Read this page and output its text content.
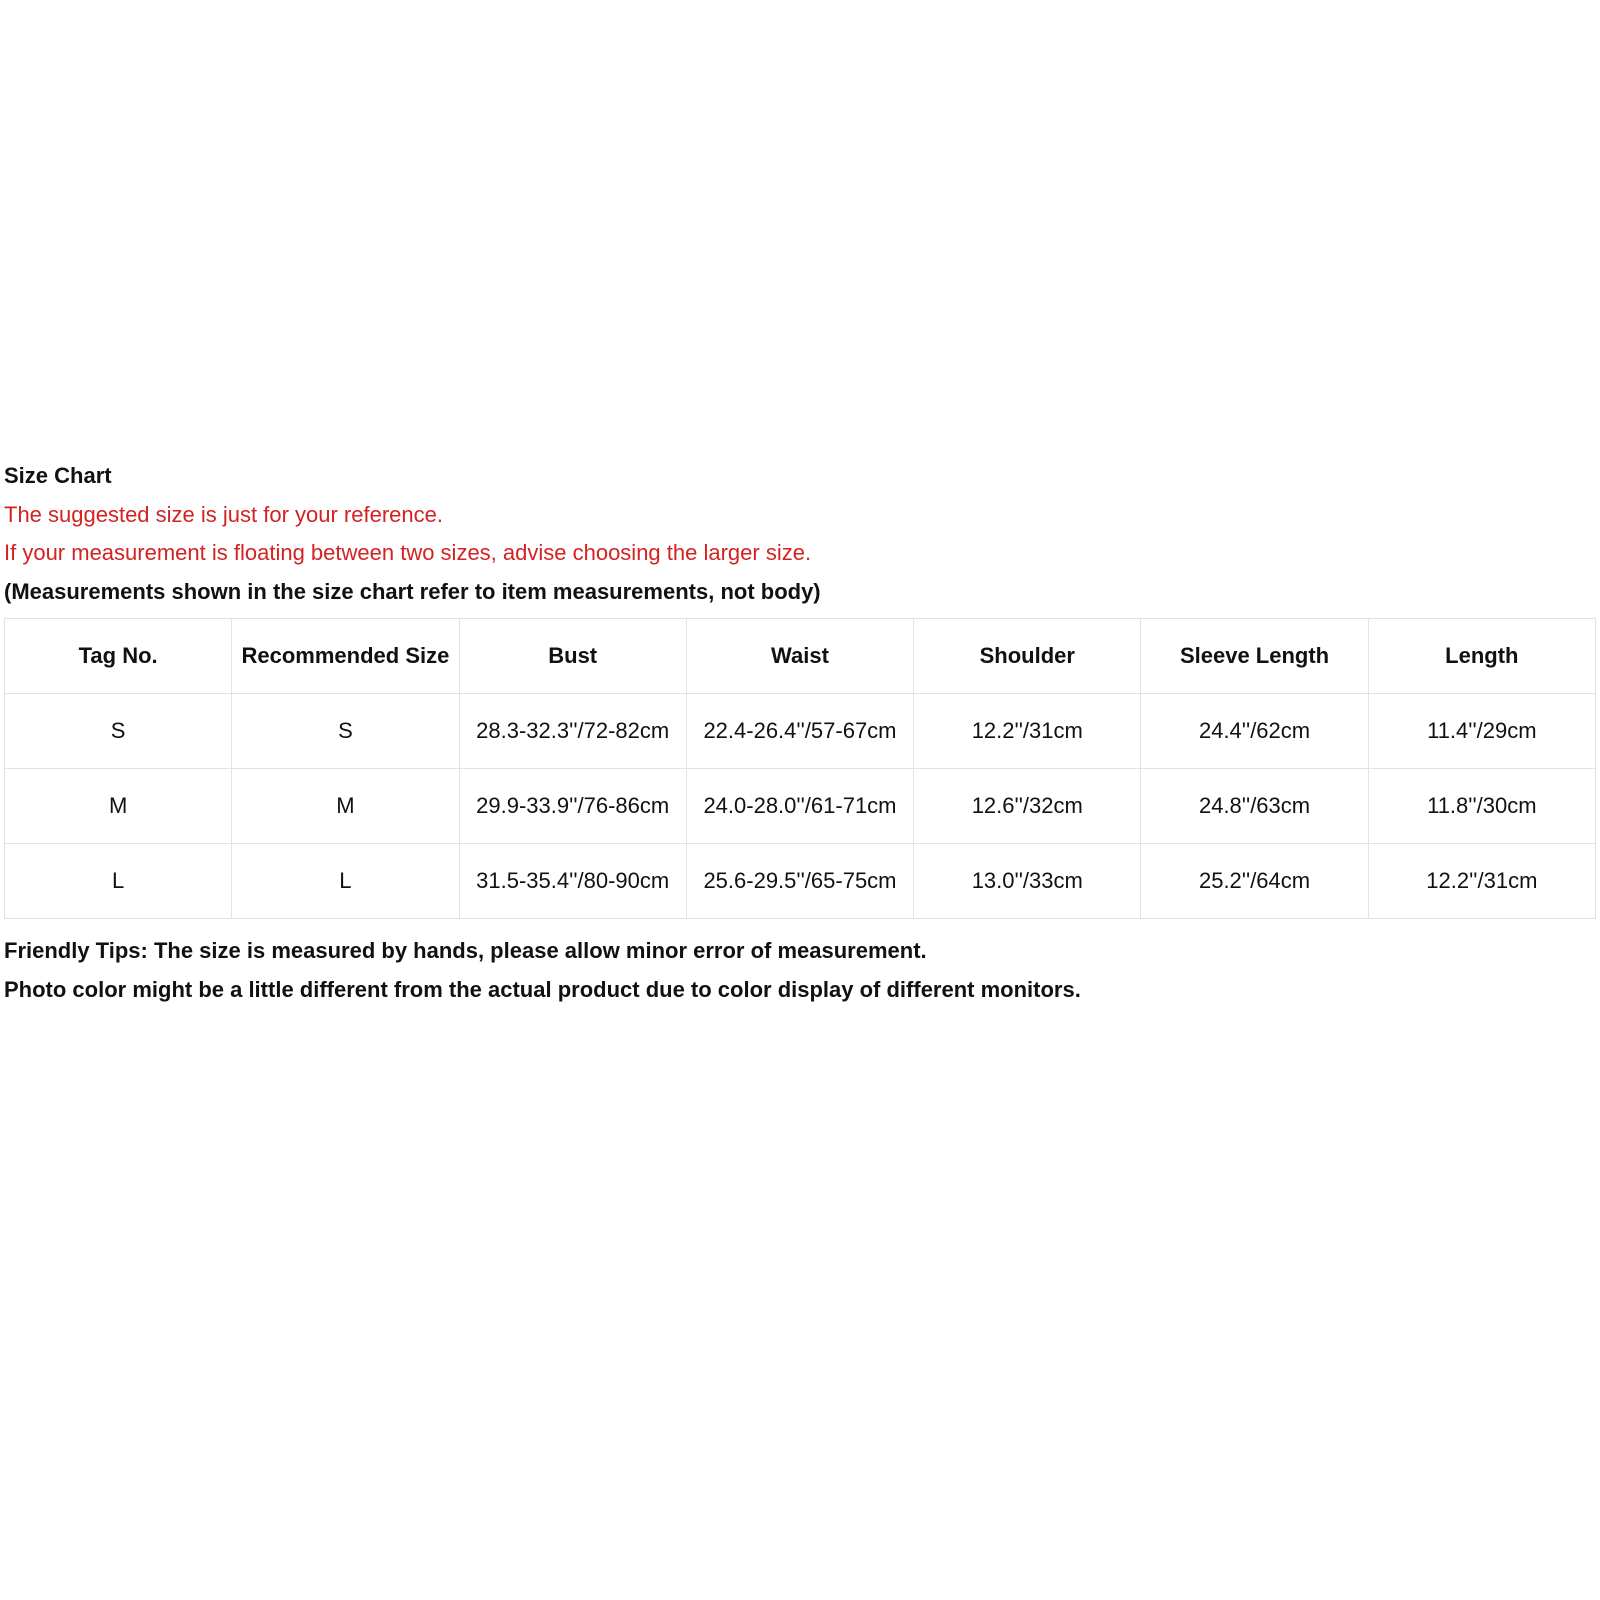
Size Chart
The suggested size is just for your reference.
If your measurement is floating between two sizes, advise choosing the larger size.
(Measurements shown in the size chart refer to item measurements, not body)
Tag No.	Recommended Size	Bust	Waist	Shoulder	Sleeve Length	Length
S	S	28.3-32.3''/72-82cm	22.4-26.4''/57-67cm	12.2''/31cm	24.4''/62cm	11.4''/29cm
M	M	29.9-33.9''/76-86cm	24.0-28.0''/61-71cm	12.6''/32cm	24.8''/63cm	11.8''/30cm
L	L	31.5-35.4''/80-90cm	25.6-29.5''/65-75cm	13.0''/33cm	25.2''/64cm	12.2''/31cm
Friendly Tips: The size is measured by hands, please allow minor error of measurement.
Photo color might be a little different from the actual product due to color display of different monitors.
